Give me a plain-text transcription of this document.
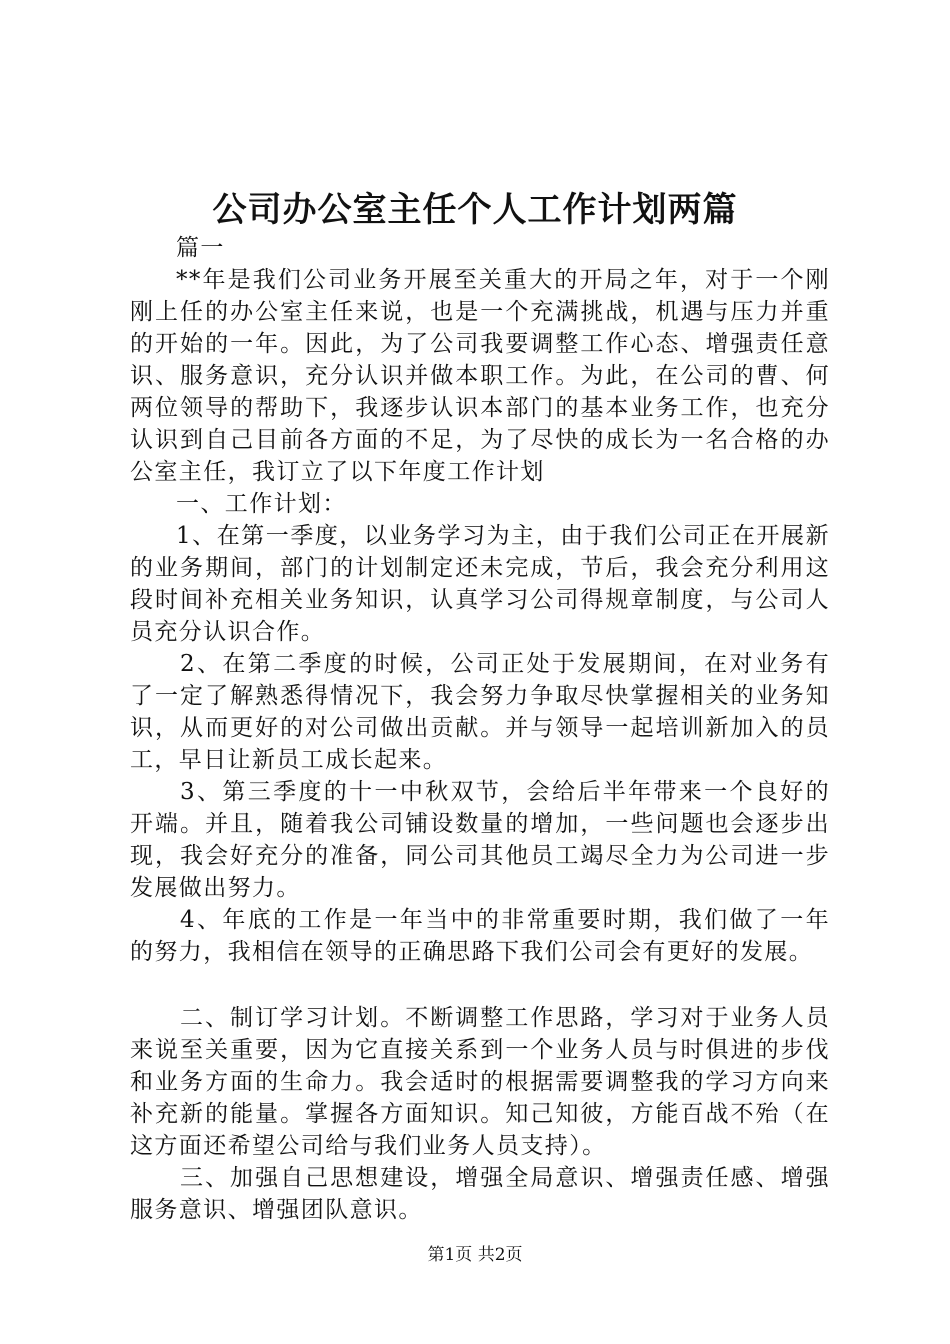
公司办公室主任个人工作计划两篇

篇一

**年是我们公司业务开展至关重大的开局之年，对于一个刚刚上任的办公室主任来说，也是一个充满挑战，机遇与压力并重的开始的一年。因此，为了公司我要调整工作心态、增强责任意识、服务意识，充分认识并做本职工作。为此，在公司的曹、何两位领导的帮助下，我逐步认识本部门的基本业务工作，也充分认识到自己目前各方面的不足，为了尽快的成长为一名合格的办公室主任，我订立了以下年度工作计划

一、工作计划：

1、在第一季度，以业务学习为主，由于我们公司正在开展新的业务期间，部门的计划制定还未完成，节后，我会充分利用这段时间补充相关业务知识，认真学习公司得规章制度，与公司人员充分认识合作。

2、在第二季度的时候，公司正处于发展期间，在对业务有了一定了解熟悉得情况下，我会努力争取尽快掌握相关的业务知识，从而更好的对公司做出贡献。并与领导一起培训新加入的员工，早日让新员工成长起来。

3、第三季度的十一中秋双节，会给后半年带来一个良好的开端。并且，随着我公司铺设数量的增加，一些问题也会逐步出现，我会好充分的准备，同公司其他员工竭尽全力为公司进一步发展做出努力。

4、年底的工作是一年当中的非常重要时期，我们做了一年的努力，我相信在领导的正确思路下我们公司会有更好的发展。

二、制订学习计划。不断调整工作思路，学习对于业务人员来说至关重要，因为它直接关系到一个业务人员与时俱进的步伐和业务方面的生命力。我会适时的根据需要调整我的学习方向来补充新的能量。掌握各方面知识。知己知彼，方能百战不殆（在这方面还希望公司给与我们业务人员支持）。

三、加强自己思想建设，增强全局意识、增强责任感、增强服务意识、增强团队意识。

第1页 共2页
